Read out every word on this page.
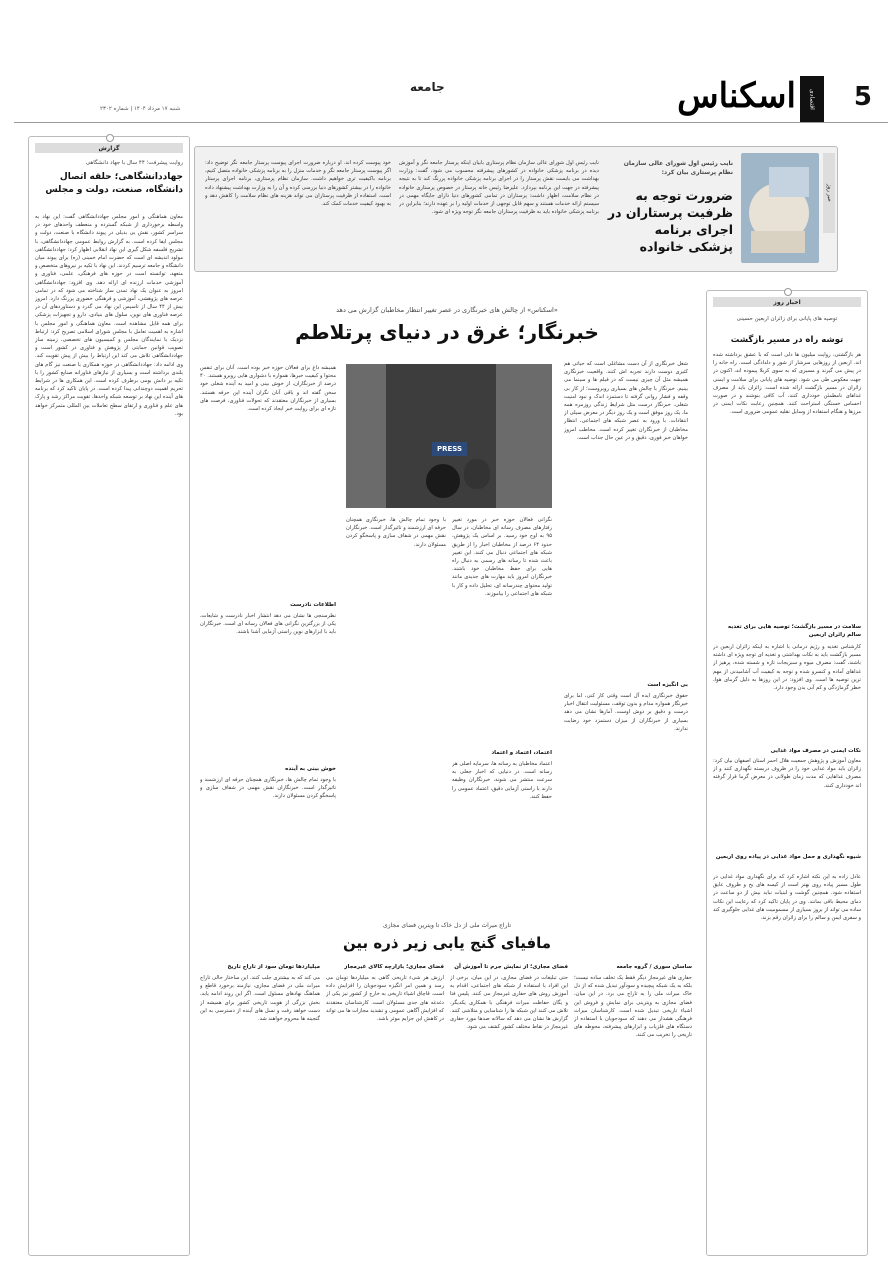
اسکناس	اقتصادی	5
جامعه
شنبه ۱۷ مرداد ۱۴۰۴ | شماره ۲۳۰۲
خبر روز
نایب رئیس اول شورای عالی سازمان نظام پرستاری بیان کرد:
ضرورت توجه به ظرفیت پرستاران در اجرای برنامه پزشکی خانواده
نایب رئیس اول شورای عالی سازمان نظام پرستاری بابیان اینکه پرستار جامعه نگر و آموزش دیده در برنامه پزشکی خانواده در کشورهای پیشرفته محسوب می شود، گفت: وزارت بهداشت می بایست نقش پرستار را در اجرای برنامه پزشکی خانواده پررنگ کند تا به نتیجه پیشرفته در جهت این برنامه بپردازد. علیرضا رئیس خانه پرستار در خصوص پرستاری خانواده در نظام سلامت، اظهار داشت: پرستاران در تمامی کشورهای دنیا دارای جایگاه مهمی در سیستم ارائه خدمات هستند و سهم قابل توجهی از خدمات اولیه را بر عهده دارند؛ بنابراین در برنامه پزشکی خانواده باید به ظرفیت پرستاران جامعه نگر توجه ویژه ای شود.
خود پیوست کرده اند. او درباره ضرورت اجرای پیوست پرستار جامعه نگر توضیح داد: اگر پیوست پرستار جامعه نگر و خدمات منزل را به برنامه پزشکی خانواده متصل کنیم، برنامه باکیفیت تری خواهیم داشت. سازمان نظام پرستاری، برنامه اجرای پرستار خانواده را در بیشتر کشورهای دنیا بررسی کرده و آن را به وزارت بهداشت پیشنهاد داده است. استفاده از ظرفیت پرستاران می تواند هزینه های نظام سلامت را کاهش دهد و به بهبود کیفیت خدمات کمک کند.
گزارش
روایت پیشرفت؛ ۴۴ سال با جهاد دانشگاهی
جهاددانشگاهی؛ حلقه اتصال دانشگاه، صنعت، دولت و مجلس
معاون هماهنگی و امور مجلس جهاددانشگاهی گفت: این نهاد به واسطه برخورداری از شبکه گسترده و منعطف واحدهای خود در سراسر کشور، نقش بی بدیلی در پیوند دانشگاه با صنعت، دولت و مجلس ایفا کرده است. به گزارش روابط عمومی جهاددانشگاهی، با تشریح فلسفه شکل گیری این نهاد انقلابی اظهار کرد: جهاددانشگاهی مولود اندیشه ای است که حضرت امام خمینی (ره) برای پیوند میان دانشگاه و جامعه ترسیم کردند. این نهاد با تکیه بر نیروهای متخصص و متعهد، توانسته است در حوزه های فرهنگی، علمی، فناوری و آموزشی خدمات ارزنده ای ارائه دهد. وی افزود: جهاددانشگاهی امروز به عنوان یک نهاد تمدن ساز شناخته می شود که در تمامی عرصه های پژوهشی، آموزشی و فرهنگی حضوری پررنگ دارد. امروز بیش از ۴۴ سال از تاسیس این نهاد می گذرد و دستاوردهای آن در عرصه فناوری های نوین، سلول های بنیادی، دارو و تجهیزات پزشکی برای همه قابل مشاهده است. معاون هماهنگی و امور مجلس با اشاره به اهمیت تعامل با مجلس شورای اسلامی تصریح کرد: ارتباط نزدیک با نمایندگان مجلس و کمیسیون های تخصصی، زمینه ساز تصویب قوانین حمایتی از پژوهش و فناوری در کشور است و جهاددانشگاهی تلاش می کند این ارتباط را بیش از پیش تقویت کند. وی ادامه داد: جهاددانشگاهی در حوزه همکاری با صنعت نیز گام های بلندی برداشته است و بسیاری از نیازهای فناورانه صنایع کشور را با تکیه بر دانش بومی برطرف کرده است. این همکاری ها در شرایط تحریم اهمیت دوچندانی پیدا کرده است. در پایان تاکید کرد که برنامه های آینده این نهاد بر توسعه شبکه واحدها، تقویت مراکز رشد و پارک های علم و فناوری و ارتقای سطح تعاملات بین المللی متمرکز خواهد بود.
اخبار روز
توصیه های پایانی برای زائران اربعین حسینی
توشه راه در مسیر بازگشت
هر بازگشتی، روایت میلیون ها دلی است که با عشق برداشته شده اند. اربعین از روزهایی سرشار از شور و دلدادگی است. راه خانه را در پیش می گیرند و مسیری که به سوی کربلا پیموده اند، اکنون در جهت معکوس طی می شود. توصیه های پایانی برای سلامت و ایمنی زائران در مسیر بازگشت ارائه شده است. زائران باید از مصرف غذاهای نامطمئن خودداری کنند، آب کافی بنوشند و در صورت احساس خستگی استراحت کنند. همچنین رعایت نکات ایمنی در مرزها و هنگام استفاده از وسایل نقلیه عمومی ضروری است.
سلامت در مسیر بازگشت؛ توصیه هایی برای تغذیه سالم زائران اربعین
کارشناس تغذیه و رژیم درمانی با اشاره به اینکه زائران اربعین در مسیر بازگشت باید به نکات بهداشتی و تغذیه ای توجه ویژه ای داشته باشند، گفت: مصرف میوه و سبزیجات تازه و شسته شده، پرهیز از غذاهای آماده و کنسرو شده و توجه به کیفیت آب آشامیدنی از مهم ترین توصیه ها است. وی افزود: در این روزها به دلیل گرمای هوا، خطر گرمازدگی و کم آبی بدن وجود دارد.
نکات ایمنی در مصرف مواد غذایی
معاون آموزش و پژوهش جمعیت هلال احمر استان اصفهان بیان کرد: زائران باید مواد غذایی خود را در ظروف دربسته نگهداری کنند و از مصرف غذاهایی که مدت زمان طولانی در معرض گرما قرار گرفته اند خودداری کنند.
شیوه نگهداری و حمل مواد غذایی در پیاده روی اربعین
عادل زاده به این نکته اشاره کرد که برای نگهداری مواد غذایی در طول مسیر پیاده روی بهتر است از کیسه های یخ و ظروف عایق استفاده شود. همچنین گوشت و لبنیات نباید بیش از دو ساعت در دمای محیط باقی بمانند. وی در پایان تاکید کرد که رعایت این نکات ساده می تواند از بروز بسیاری از مسمومیت های غذایی جلوگیری کند و سفری ایمن و سالم را برای زائران رقم بزند.
«اسکناس» از چالش های خبرنگاری در عصر تغییر انتظار مخاطبان گزارش می دهد
خبرنگار؛ غرق در دنیای پرتلاطم
شغل خبرنگاری از آن دست مشاغلی است که حیاتی هم کثیری دوست دارند تجربه اش کنند. واقعیت خبرنگاری همیشه مثل آن چیزی نیست که در فیلم ها و سینما می بینیم. خبرنگار با چالش های بسیاری روبروست؛ از کار بی وقفه و فشار روانی گرفته تا دستمزد اندک و نبود امنیت شغلی. خبرنگار درست مثل شرایط زندگی روزمره همه ما، یک روز موفق است و یک روز دیگر در معرض سیلی از انتقادات. با ورود به عصر شبکه های اجتماعی، انتظار مخاطبان از خبرنگاران تغییر کرده است. مخاطب امروز خواهان خبر فوری، دقیق و در عین حال جذاب است.
بی انگیزه است
حقوق خبرنگاری ایده آل است وقتی کار کنی، اما برای خبرنگار همواره مدام و بدون توقف، مسئولیت انتقال اخبار درست و دقیق بر دوش اوست. آمارها نشان می دهد بسیاری از خبرنگاران از میزان دستمزد خود رضایت ندارند.
PRESS
نگرانی فعالان حوزه خبر در مورد تغییر رفتارهای مصرف رسانه ای مخاطبان، در سال ۹۵ به اوج خود رسید. بر اساس یک پژوهش، حدود ۶۴ درصد از مخاطبان اخبار را از طریق شبکه های اجتماعی دنبال می کنند. این تغییر باعث شده تا رسانه های رسمی به دنبال راه هایی برای حفظ مخاطبان خود باشند. خبرنگاران امروز باید مهارت های جدیدی مانند تولید محتوای چندرسانه ای، تحلیل داده و کار با شبکه های اجتماعی را بیاموزند.
اعتماد، اعتماد و اعتماد
اعتماد مخاطبان به رسانه ها، سرمایه اصلی هر رسانه است. در دنیایی که اخبار جعلی به سرعت منتشر می شوند، خبرنگاران وظیفه دارند با راستی آزمایی دقیق، اعتماد عمومی را حفظ کنند.
با وجود تمام چالش ها، خبرنگاری همچنان حرفه ای ارزشمند و تاثیرگذار است. خبرنگاران نقش مهمی در شفاف سازی و پاسخگو کردن مسئولان دارند.
همیشه داغ برای فعالان حوزه خبر بوده است. آنان برای تنفس محتوا و کیفیت خبرها، همواره با دشواری هایی روبرو هستند. ۴۰ درصد از خبرنگاران، از خوش بینی و امید به آینده شغلی خود سخن گفته اند و باقی آنان نگران آینده این حرفه هستند. بسیاری از خبرنگاران معتقدند که تحولات فناوری، فرصت های تازه ای برای روایت خبر ایجاد کرده است.
اطلاعات نادرست
نظرسنجی ها نشان می دهد انتشار اخبار نادرست و شایعات، یکی از بزرگترین نگرانی های فعالان رسانه ای است. خبرنگاران باید با ابزارهای نوین راستی آزمایی آشنا باشند.
خوش بینی به آینده
با وجود تمام چالش ها، خبرنگاری همچنان حرفه ای ارزشمند و تاثیرگذار است. خبرنگاران نقش مهمی در شفاف سازی و پاسخگو کردن مسئولان دارند.
تاراج میراث ملی از دل خاک تا ویترین فضای مجازی
مافیای گنج یابی زیر ذره بین
ساسان سوری / گروه جامعه
حفاری های غیرمجاز دیگر فقط یک تخلف ساده نیست؛ بلکه به یک شبکه پیچیده و سودآور تبدیل شده که از دل خاک میراث ملی را به تاراج می برد. در این میان، فضای مجازی به ویترینی برای نمایش و فروش این اشیاء تاریخی تبدیل شده است. کارشناسان میراث فرهنگی هشدار می دهند که سودجویان با استفاده از دستگاه های فلزیاب و ابزارهای پیشرفته، محوطه های تاریخی را تخریب می کنند.
فضای مجازی؛ از نمایش جرم تا آموزش آن
حتی تبلیغات در فضای مجازی، در این میان، برخی از این افراد با استفاده از شبکه های اجتماعی، اقدام به آموزش روش های حفاری غیرمجاز می کنند. پلیس فتا و یگان حفاظت میراث فرهنگی با همکاری یکدیگر، تلاش می کنند این شبکه ها را شناسایی و متلاشی کنند. گزارش ها نشان می دهد که سالانه صدها مورد حفاری غیرمجاز در نقاط مختلف کشور کشف می شود.
فضای مجازی؛ بازارچه کالای غیرمجاز
ارزش هر شیء تاریخی گاهی به میلیاردها تومان می رسد و همین امر انگیزه سودجویان را افزایش داده است. قاچاق اشیاء تاریخی به خارج از کشور نیز یکی از دغدغه های جدی مسئولان است. کارشناسان معتقدند که افزایش آگاهی عمومی و تشدید مجازات ها می تواند در کاهش این جرایم موثر باشد.
میلیاردها تومان سود از تاراج تاریخ
می کند که به بیشتری جلب کنند. این ساختار حالی تاراج میراث ملی در فضای مجازی، نیازمند برخورد قاطع و هماهنگ نهادهای مسئول است. اگر این روند ادامه یابد، بخش بزرگی از هویت تاریخی کشور برای همیشه از دست خواهد رفت و نسل های آینده از دسترسی به این گنجینه ها محروم خواهند شد.
